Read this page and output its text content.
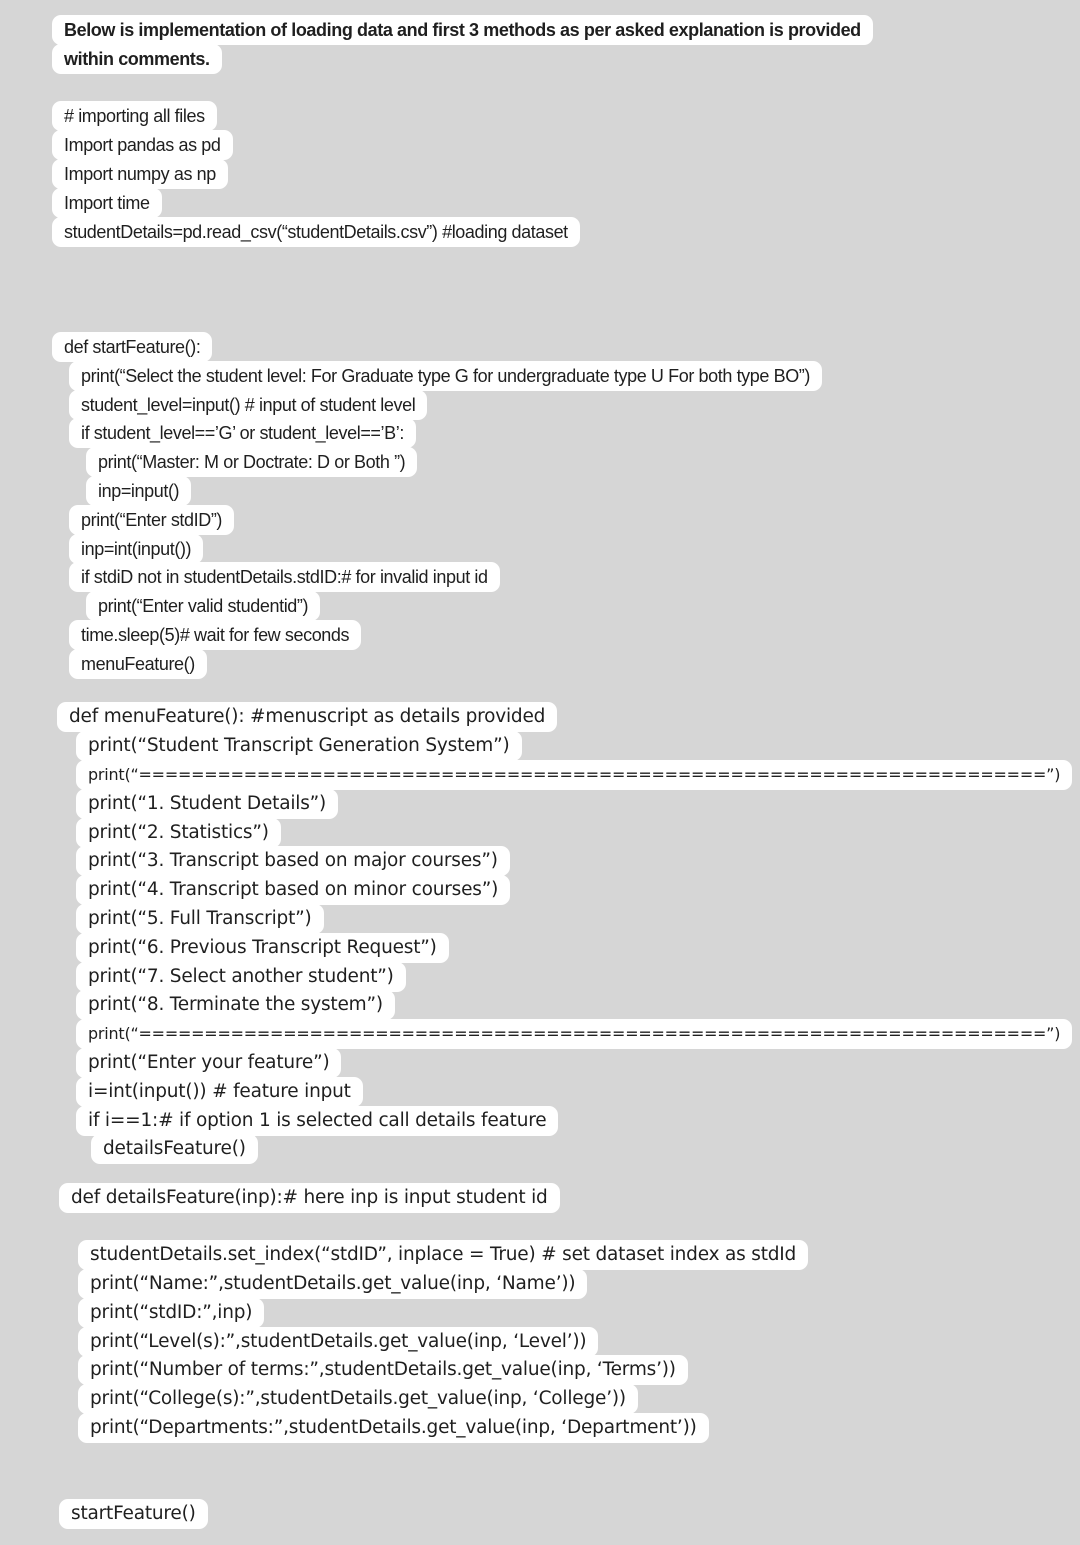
Below is implementation of loading data and first 3 methods as per asked explanation is provided
within comments.
# importing all files
Import pandas as pd
Import numpy as np
Import time
studentDetails=pd.read_csv(“studentDetails.csv”) #loading dataset
def startFeature():
print(“Select the student level: For Graduate type G for undergraduate type U For both type BO”)
student_level=input() # input of student level
if student_level==’G’ or student_level==’B’:
print(“Master: M or Doctrate: D or Both ”)
inp=input()
print(“Enter stdID”)
inp=int(input())
if stdiD not in studentDetails.stdID:# for invalid input id
print(“Enter valid studentid”)
time.sleep(5)# wait for few seconds
menuFeature()
def menuFeature(): #menuscript as details provided
print(“Student Transcript Generation System”)
print(“=====================================================================”)
print(“1. Student Details”)
print(“2. Statistics”)
print(“3. Transcript based on major courses”)
print(“4. Transcript based on minor courses”)
print(“5. Full Transcript”)
print(“6. Previous Transcript Request”)
print(“7. Select another student”)
print(“8. Terminate the system”)
print(“=====================================================================”)
print(“Enter your feature”)
i=int(input()) # feature input
if i==1:# if option 1 is selected call details feature
detailsFeature()
def detailsFeature(inp):# here inp is input student id
studentDetails.set_index(“stdID”, inplace = True) # set dataset index as stdId
print(“Name:”,studentDetails.get_value(inp, ‘Name’))
print(“stdID:”,inp)
print(“Level(s):”,studentDetails.get_value(inp, ‘Level’))
print(“Number of terms:”,studentDetails.get_value(inp, ‘Terms’))
print(“College(s):”,studentDetails.get_value(inp, ‘College’))
print(“Departments:”,studentDetails.get_value(inp, ‘Department’))
startFeature()
